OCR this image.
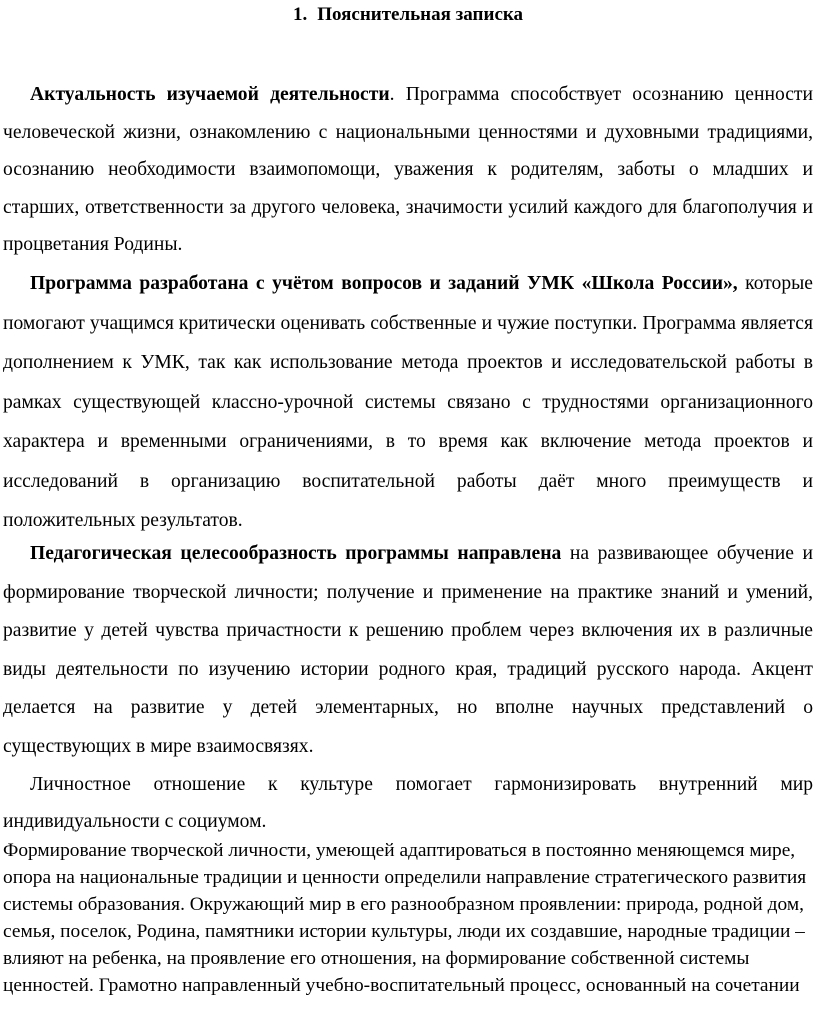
1. Пояснительная записка

Актуальность изучаемой деятельности. Программа способствует осознанию ценности человеческой жизни, ознакомлению с национальными ценностями и духовными традициями, осознанию необходимости взаимопомощи, уважения к родителям, заботы о младших и старших, ответственности за другого человека, значимости усилий каждого для благополучия и процветания Родины.

Программа разработана с учётом вопросов и заданий УМК «Школа России», которые помогают учащимся критически оценивать собственные и чужие поступки. Программа является дополнением к УМК, так как использование метода проектов и исследовательской работы в рамках существующей классно-урочной системы связано с трудностями организационного характера и временными ограничениями, в то время как включение метода проектов и исследований в организацию воспитательной работы даёт много преимуществ и положительных результатов.

Педагогическая целесообразность программы направлена на развивающее обучение и формирование творческой личности; получение и применение на практике знаний и умений, развитие у детей чувства причастности к решению проблем через включения их в различные виды деятельности по изучению истории родного края, традиций русского народа. Акцент делается на развитие у детей элементарных, но вполне научных представлений о существующих в мире взаимосвязях.

Личностное отношение к культуре помогает гармонизировать внутренний мир индивидуальности с социумом.

Формирование творческой личности, умеющей адаптироваться в постоянно меняющемся мире, опора на национальные традиции и ценности определили направление стратегического развития системы образования. Окружающий мир в его разнообразном проявлении: природа, родной дом, семья, поселок, Родина, памятники истории культуры, люди их создавшие, народные традиции – влияют на ребенка, на проявление его отношения, на формирование собственной системы ценностей. Грамотно направленный учебно-воспитательный процесс, основанный на сочетании
